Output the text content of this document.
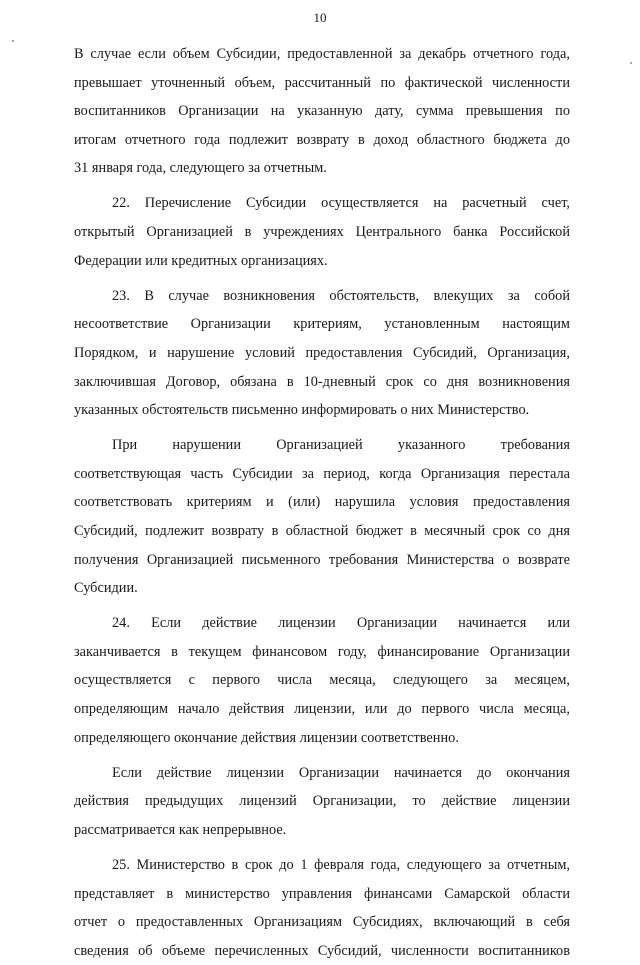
10
В случае если объем Субсидии, предоставленной за декабрь отчетного года,
превышает уточненный объем, рассчитанный по фактической численности
воспитанников Организации на указанную дату, сумма превышения по
итогам отчетного года подлежит возврату в доход областного бюджета до
31 января года, следующего за отчетным.
22. Перечисление Субсидии осуществляется на расчетный счет,
открытый Организацией в учреждениях Центрального банка Российской
Федерации или кредитных организациях.
23. В случае возникновения обстоятельств, влекущих за собой
несоответствие Организации критериям, установленным настоящим
Порядком, и нарушение условий предоставления Субсидий, Организация,
заключившая Договор, обязана в 10-дневный срок со дня возникновения
указанных обстоятельств письменно информировать о них Министерство.
При нарушении Организацией указанного требования
соответствующая часть Субсидии за период, когда Организация перестала
соответствовать критериям и (или) нарушила условия предоставления
Субсидий, подлежит возврату в областной бюджет в месячный срок со дня
получения Организацией письменного требования Министерства о возврате
Субсидии.
24. Если действие лицензии Организации начинается или
заканчивается в текущем финансовом году, финансирование Организации
осуществляется с первого числа месяца, следующего за месяцем,
определяющим начало действия лицензии, или до первого числа месяца,
определяющего окончание действия лицензии соответственно.
Если действие лицензии Организации начинается до окончания
действия предыдущих лицензий Организации, то действие лицензии
рассматривается как непрерывное.
25. Министерство в срок до 1 февраля года, следующего за отчетным,
представляет в министерство управления финансами Самарской области
отчет о предоставленных Организациям Субсидиях, включающий в себя
сведения об объеме перечисленных Субсидий, численности воспитанников
